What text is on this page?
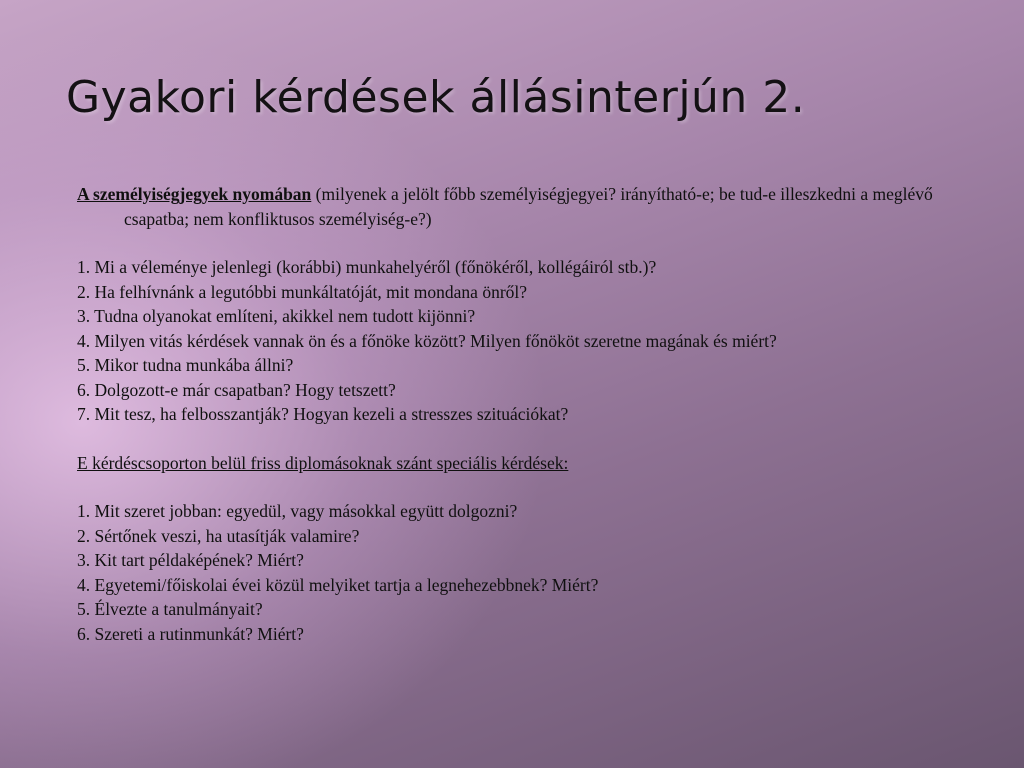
Gyakori kérdések állásinterjún 2.

A személyiségjegyek nyomában (milyenek a jelölt főbb személyiségjegyei? irányítható-e; be tud-e illeszkedni a meglévő csapatba; nem konfliktusos személyiség-e?)

1. Mi a véleménye jelenlegi (korábbi) munkahelyéről (főnökéről, kollégáiról stb.)?
2. Ha felhívnánk a legutóbbi munkáltatóját, mit mondana önről?
3. Tudna olyanokat említeni, akikkel nem tudott kijönni?
4. Milyen vitás kérdések vannak ön és a főnöke között? Milyen főnököt szeretne magának és miért?
5. Mikor tudna munkába állni?
6. Dolgozott-e már csapatban? Hogy tetszett?
7. Mit tesz, ha felbosszantják? Hogyan kezeli a stresszes szituációkat?

E kérdéscsoporton belül friss diplomásoknak szánt speciális kérdések:

1. Mit szeret jobban: egyedül, vagy másokkal együtt dolgozni?
2. Sértőnek veszi, ha utasítják valamire?
3. Kit tart példaképének? Miért?
4. Egyetemi/főiskolai évei közül melyiket tartja a legnehezebbnek? Miért?
5. Élvezte a tanulmányait?
6. Szereti a rutinmunkát? Miért?
